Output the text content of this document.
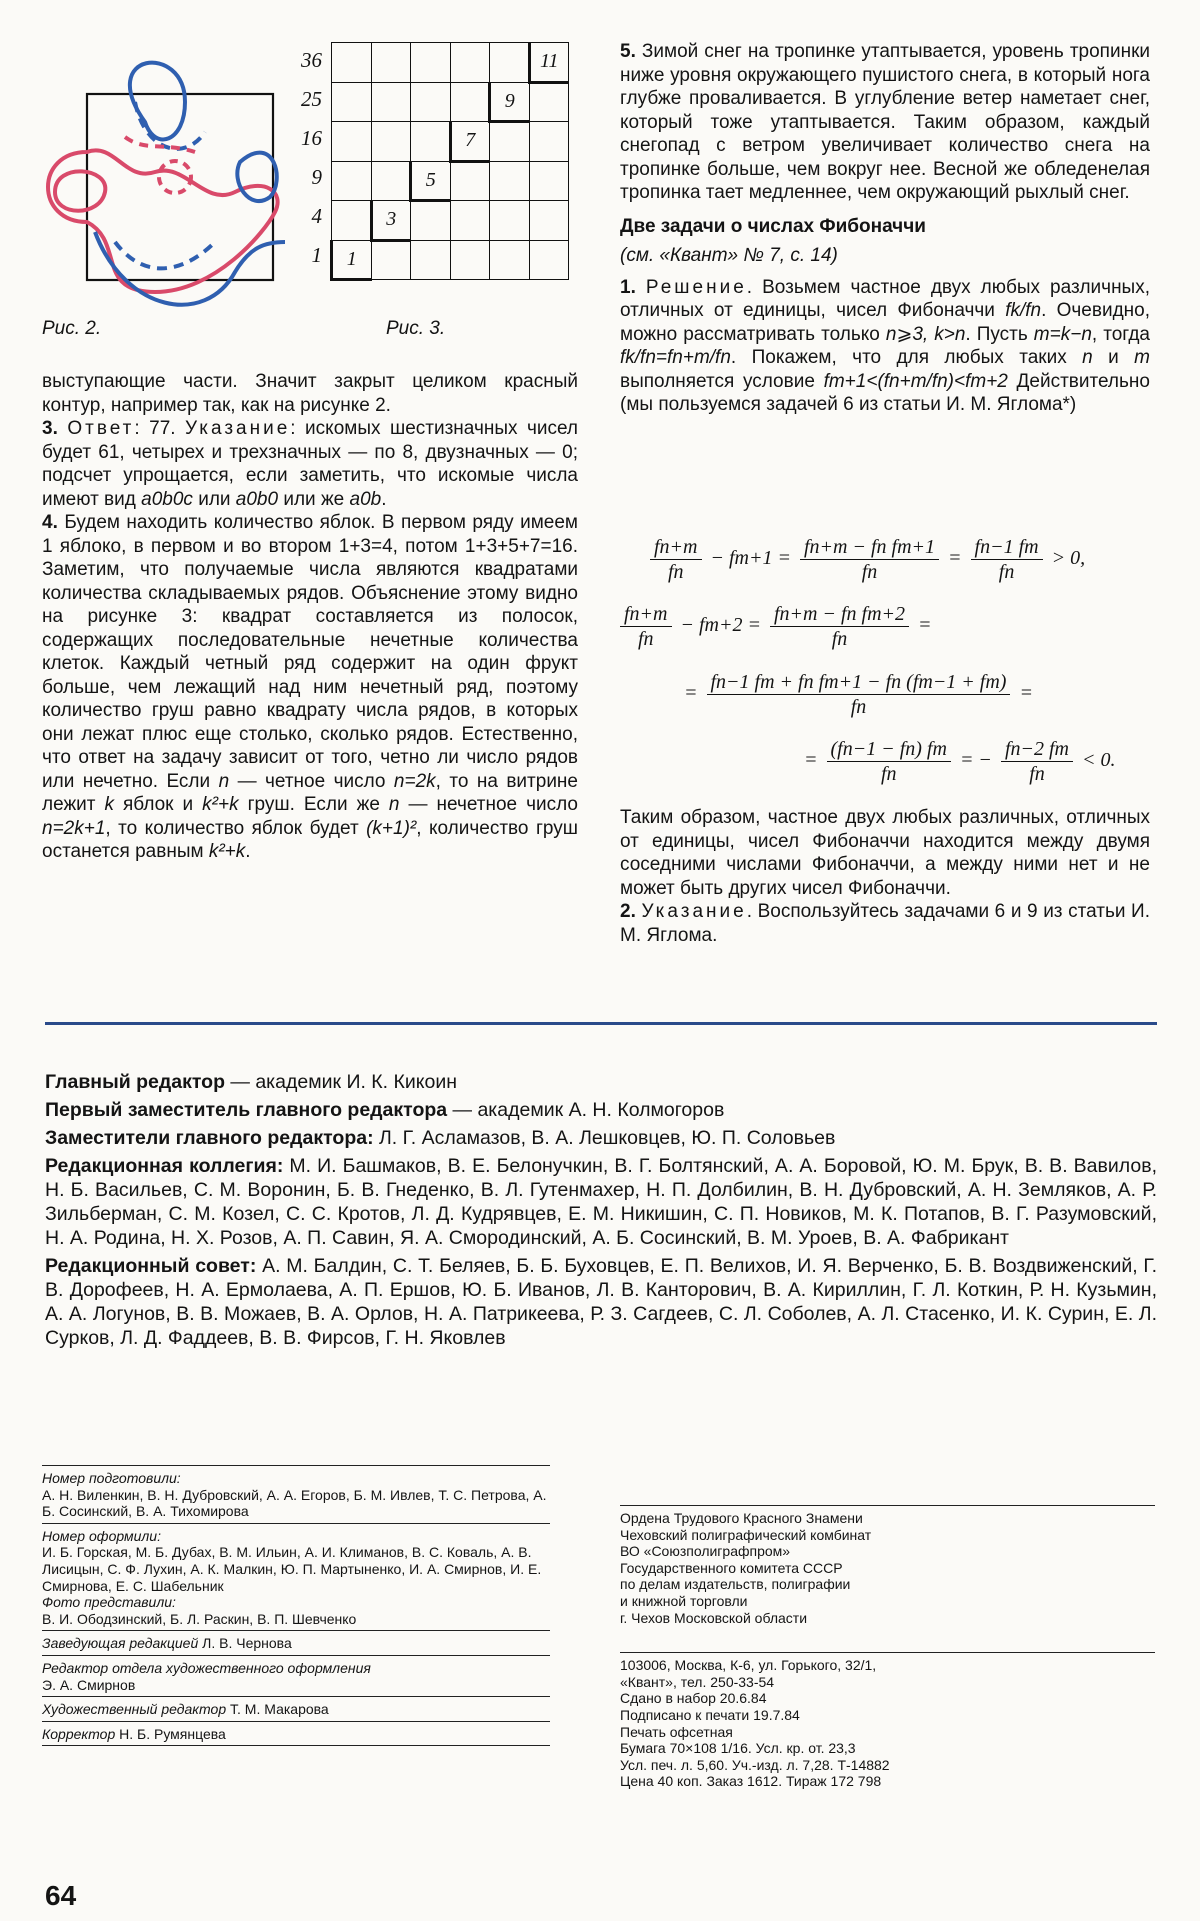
Рис. 2.
36
25
16
9
4
1
					11
				9	
			7		
		5			
	3				
1					
Рис. 3.

выступающие части. Значит закрыт целиком красный контур, например так, как на рисунке 2.

3. Ответ: 77. Указание: искомых шестизначных чисел будет 61, четырех и трехзначных — по 8, двузначных — 0; подсчет упрощается, если заметить, что искомые числа имеют вид a0b0c или a0b0 или же a0b.

4. Будем находить количество яблок. В первом ряду имеем 1 яблоко, в первом и во втором 1+3=4, потом 1+3+5+7=16. Заметим, что получаемые числа являются квадратами количества складываемых рядов. Объяснение этому видно на рисунке 3: квадрат составляется из полосок, содержащих последовательные нечетные количества клеток. Каждый четный ряд содержит на один фрукт больше, чем лежащий над ним нечетный ряд, поэтому количество груш равно квадрату числа рядов, в которых они лежат плюс еще столько, сколько рядов. Естественно, что ответ на задачу зависит от того, четно ли число рядов или нечетно. Если n — четное число n=2k, то на витрине лежит k яблок и k²+k груш. Если же n — нечетное число n=2k+1, то количество яблок будет (k+1)², количество груш останется равным k²+k.

5. Зимой снег на тропинке утаптывается, уровень тропинки ниже уровня окружающего пушистого снега, в который нога глубже проваливается. В углубление ветер наметает снег, который тоже утаптывается. Таким образом, каждый снегопад с ветром увеличивает количество снега на тропинке больше, чем вокруг нее. Весной же обледенелая тропинка тает медленнее, чем окружающий рыхлый снег.

Две задачи о числах Фибоначчи

(см. «Квант» № 7, с. 14)

1. Решение. Возьмем частное двух любых различных, отличных от единицы, чисел Фибоначчи fk/fn. Очевидно, можно рассматривать только n⩾3, k>n. Пусть m=k−n, тогда fk/fn=fn+m/fn. Покажем, что для любых таких n и m выполняется условие fm+1<(fn+m/fn)<fm+2 Действительно (мы пользуемся задачей 6 из статьи И. М. Яглома*)

$\frac{fn+m}{fn} - fm+1 = \frac{\text{fn+m − fn fm+1}}{fn} = \frac{fn-1 fm}{fn} > 0$,
$\frac{fn+m}{fn} - fm+2 = \frac{\text{fn+m − fn fm+2}}{fn}$ =
= $\frac{\text{fn−1 fm + fn fm+1 − fn (fm−1 + fm)}}{fn}$ =
= $\frac{(fn-1 - fn) fm}{fn}$ = − $\frac{fn-2 fm}{fn} < 0$.

Таким образом, частное двух любых различных, отличных от единицы, чисел Фибоначчи находится между двумя соседними числами Фибоначчи, а между ними нет и не может быть других чисел Фибоначчи.

2. Указание. Воспользуйтесь задачами 6 и 9 из статьи И. М. Яглома.

Главный редактор — академик И. К. Кикоин

Первый заместитель главного редактора — академик А. Н. Колмогоров

Заместители главного редактора: Л. Г. Асламазов, В. А. Лешковцев, Ю. П. Соловьев

Редакционная коллегия: М. И. Башмаков, В. Е. Белонучкин, В. Г. Болтянский, А. А. Боровой, Ю. М. Брук, В. В. Вавилов, Н. Б. Васильев, С. М. Воронин, Б. В. Гнеденко, В. Л. Гутенмахер, Н. П. Долбилин, В. Н. Дубровский, А. Н. Земляков, А. Р. Зильберман, С. М. Козел, С. С. Кротов, Л. Д. Кудрявцев, Е. М. Никишин, С. П. Новиков, М. К. Потапов, В. Г. Разумовский, Н. А. Родина, Н. Х. Розов, А. П. Савин, Я. А. Смородинский, А. Б. Сосинский, В. М. Уроев, В. А. Фабрикант

Редакционный совет: А. М. Балдин, С. Т. Беляев, Б. Б. Буховцев, Е. П. Велихов, И. Я. Верченко, Б. В. Воздвиженский, Г. В. Дорофеев, Н. А. Ермолаева, А. П. Ершов, Ю. Б. Иванов, Л. В. Канторович, В. А. Кириллин, Г. Л. Коткин, Р. Н. Кузьмин, А. А. Логунов, В. В. Можаев, В. А. Орлов, Н. А. Патрикеева, Р. З. Сагдеев, С. Л. Соболев, А. Л. Стасенко, И. К. Сурин, Е. Л. Сурков, Л. Д. Фаддеев, В. В. Фирсов, Г. Н. Яковлев

Номер подготовили:

А. Н. Виленкин, В. Н. Дубровский, А. А. Егоров, Б. М. Ивлев, Т. С. Петрова, А. Б. Сосинский, В. А. Тихомирова

Номер оформили:

И. Б. Горская, М. Б. Дубах, В. М. Ильин, А. И. Климанов, В. С. Коваль, А. В. Лисицын, С. Ф. Лухин, А. К. Малкин, Ю. П. Мартыненко, И. А. Смирнов, И. Е. Смирнова, Е. С. Шабельник

Фото представили:

В. И. Ободзинский, Б. Л. Раскин, В. П. Шевченко

Заведующая редакцией Л. В. Чернова

Редактор отдела художественного оформления

Э. А. Смирнов

Художественный редактор Т. М. Макарова

Корректор Н. Б. Румянцева

Ордена Трудового Красного Знамени

Чеховский полиграфический комбинат

ВО «Союзполиграфпром»

Государственного комитета СССР

по делам издательств, полиграфии

и книжной торговли

г. Чехов Московской области

103006, Москва, К-6, ул. Горького, 32/1,

«Квант», тел. 250-33-54

Сдано в набор 20.6.84

Подписано к печати 19.7.84

Печать офсетная

Бумага 70×108 1/16. Усл. кр. от. 23,3

Усл. печ. л. 5,60. Уч.-изд. л. 7,28. Т-14882

Цена 40 коп. Заказ 1612. Тираж 172 798

64
